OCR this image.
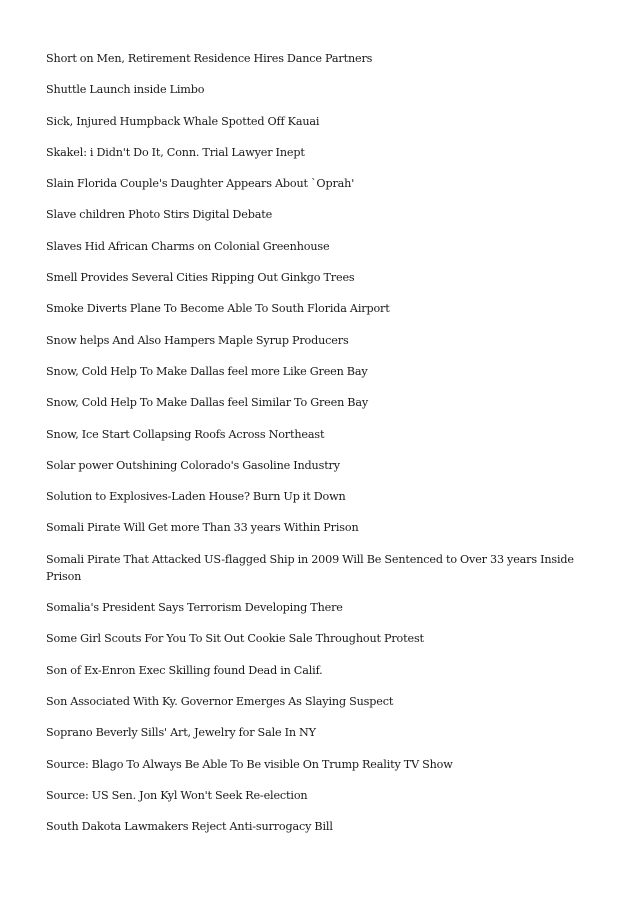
Short on Men, Retirement Residence Hires Dance Partners
Shuttle Launch inside Limbo
Sick, Injured Humpback Whale Spotted Off Kauai
Skakel: i Didn't Do It, Conn. Trial Lawyer Inept
Slain Florida Couple's Daughter Appears About `Oprah'
Slave children Photo Stirs Digital Debate
Slaves Hid African Charms on Colonial Greenhouse
Smell Provides Several Cities Ripping Out Ginkgo Trees
Smoke Diverts Plane To Become Able To South Florida Airport
Snow helps And Also Hampers Maple Syrup Producers
Snow, Cold Help To Make Dallas feel more Like Green Bay
Snow, Cold Help To Make Dallas feel Similar To Green Bay
Snow, Ice Start Collapsing Roofs Across Northeast
Solar power Outshining Colorado's Gasoline Industry
Solution to Explosives-Laden House? Burn Up it Down
Somali Pirate Will Get more Than 33 years Within Prison
Somali Pirate That Attacked US-flagged Ship in 2009 Will Be Sentenced to Over 33 years Inside Prison
Somalia's President Says Terrorism Developing There
Some Girl Scouts For You To Sit Out Cookie Sale Throughout Protest
Son of Ex-Enron Exec Skilling found Dead in Calif.
Son Associated With Ky. Governor Emerges As Slaying Suspect
Soprano Beverly Sills' Art, Jewelry for Sale In NY
Source: Blago To Always Be Able To Be visible On Trump Reality TV Show
Source: US Sen. Jon Kyl Won't Seek Re-election
South Dakota Lawmakers Reject Anti-surrogacy Bill
